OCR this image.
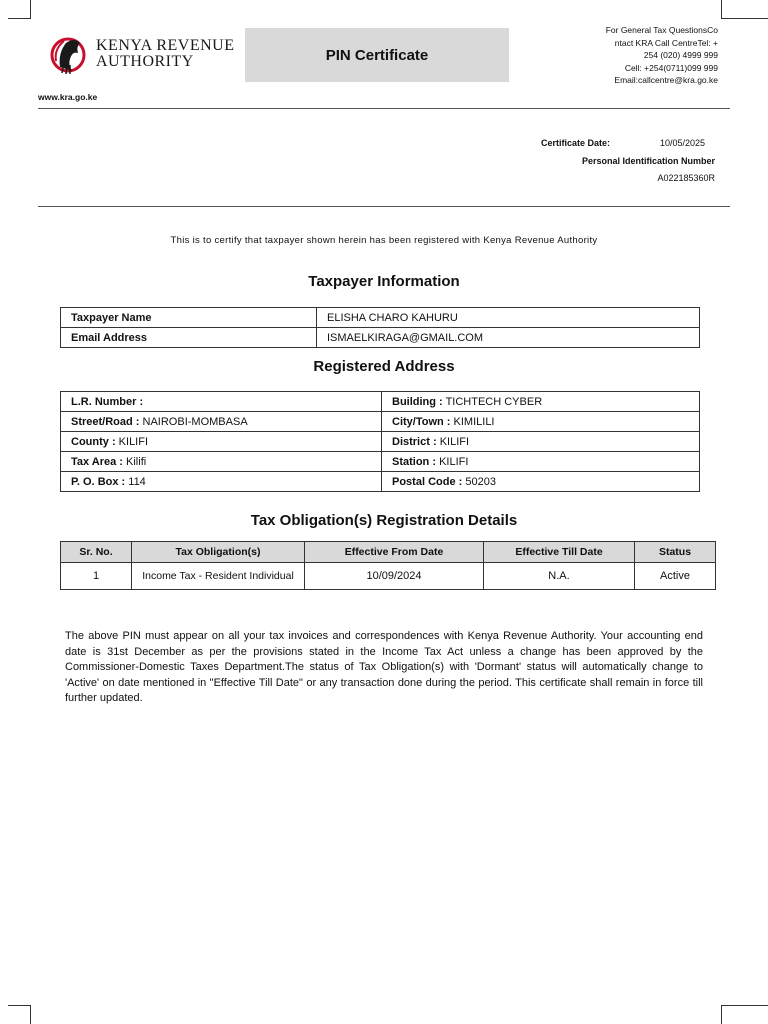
KENYA REVENUE
AUTHORITY	PIN Certificate
For General Tax QuestionsCo
ntact KRA Call CentreTel: +
254 (020) 4999 999
Cell: +254(0711)099 999
Email:callcentre@kra.go.ke
www.kra.go.ke
Certificate Date:	10/05/2025
Personal Identification Number
A022185360R
This is to certify that taxpayer shown herein has been registered with Kenya Revenue Authority
Taxpayer Information
Taxpayer Name	ELISHA CHARO KAHURU
Email Address	ISMAELKIRAGA@GMAIL.COM
Registered Address
L.R. Number :	Building : TICHTECH CYBER
Street/Road : NAIROBI-MOMBASA	City/Town : KIMILILI
County : KILIFI	District : KILIFI
Tax Area : Kilifi	Station : KILIFI
P. O. Box : 114	Postal Code : 50203
Tax Obligation(s) Registration Details
Sr. No.	Tax Obligation(s)	Effective From Date	Effective Till Date	Status
1	Income Tax - Resident Individual	10/09/2024	N.A.	Active
The above PIN must appear on all your tax invoices and correspondences with Kenya Revenue Authority. Your accounting end date is 31st December as per the provisions stated in the Income Tax Act unless a change has been approved by the Commissioner-Domestic Taxes Department.The status of Tax Obligation(s) with 'Dormant' status will automatically change to 'Active' on date mentioned in "Effective Till Date" or any transaction done during the period. This certificate shall remain in force till further updated.
